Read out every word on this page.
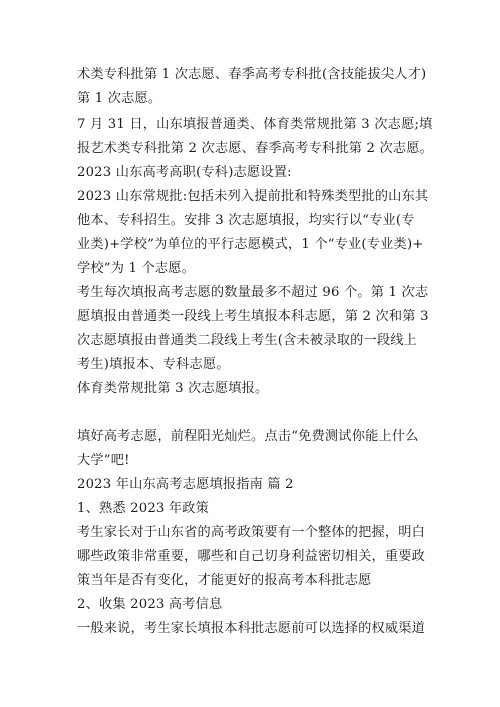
术类专科批第 1 次志愿、春季高考专科批(含技能拔尖人才)
第 1 次志愿。
7 月 31 日，山东填报普通类、体育类常规批第 3 次志愿;填
报艺术类专科批第 2 次志愿、春季高考专科批第 2 次志愿。
2023 山东高考高职(专科)志愿设置:
2023 山东常规批:包括未列入提前批和特殊类型批的山东其
他本、专科招生。安排 3 次志愿填报，均实行以“专业(专
业类)+学校”为单位的平行志愿模式，1 个“专业(专业类)+
学校”为 1 个志愿。
考生每次填报高考志愿的数量最多不超过 96 个。第 1 次志
愿填报由普通类一段线上考生填报本科志愿，第 2 次和第 3
次志愿填报由普通类二段线上考生(含未被录取的一段线上
考生)填报本、专科志愿。
体育类常规批第 3 次志愿填报。
填好高考志愿，前程阳光灿烂。点击“免费测试你能上什么
大学”吧!
2023 年山东高考志愿填报指南 篇 2
1、熟悉 2023 年政策
考生家长对于山东省的高考政策要有一个整体的把握，明白
哪些政策非常重要，哪些和自己切身利益密切相关，重要政
策当年是否有变化，才能更好的报高考本科批志愿
2、收集 2023 高考信息
一般来说，考生家长填报本科批志愿前可以选择的权威渠道
